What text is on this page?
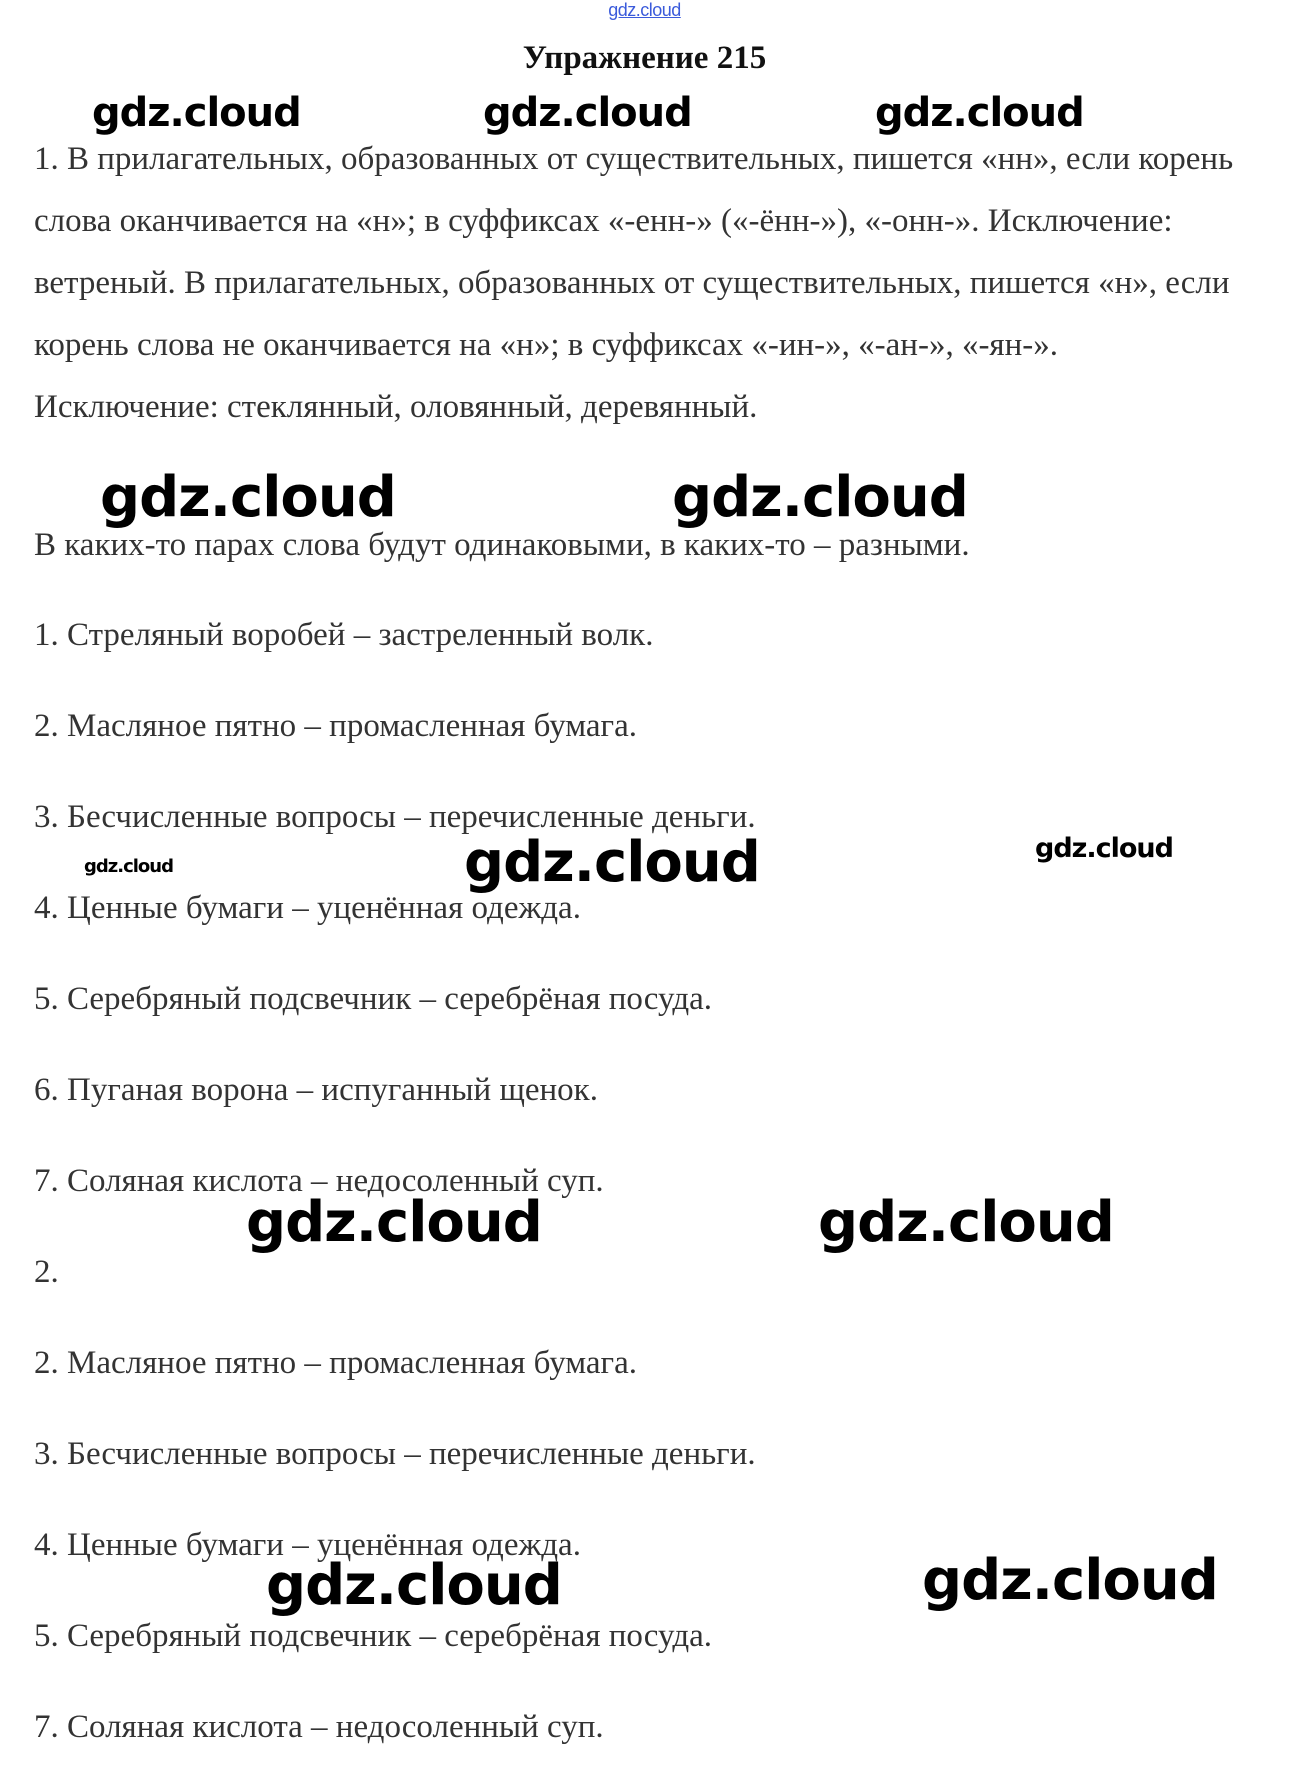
gdz.cloud
Упражнение 215
1. В прилагательных, образованных от существительных, пишется «нн», если корень слова оканчивается на «н»; в суффиксах «-енн-» («-ённ-»), «-онн-». Исключение: ветреный. В прилагательных, образованных от существительных, пишется «н», если корень слова не оканчивается на «н»; в суффиксах «-ин-», «-ан-», «-ян-». Исключение: стеклянный, оловянный, деревянный.
В каких-то парах слова будут одинаковыми, в каких-то – разными.
1. Стреляный воробей – застреленный волк.
2. Масляное пятно – промасленная бумага.
3. Бесчисленные вопросы – перечисленные деньги.
4. Ценные бумаги – уценённая одежда.
5. Серебряный подсвечник – серебрёная посуда.
6. Пуганая ворона – испуганный щенок.
7. Соляная кислота – недосоленный суп.
2.
2. Масляное пятно – промасленная бумага.
3. Бесчисленные вопросы – перечисленные деньги.
4. Ценные бумаги – уценённая одежда.
5. Серебряный подсвечник – серебрёная посуда.
7. Соляная кислота – недосоленный суп.
gdz.cloud	gdz.cloud	gdz.cloud
gdz.cloud	gdz.cloud
gdz.cloud	gdz.cloud	gdz.cloud
gdz.cloud	gdz.cloud
gdz.cloud	gdz.cloud
